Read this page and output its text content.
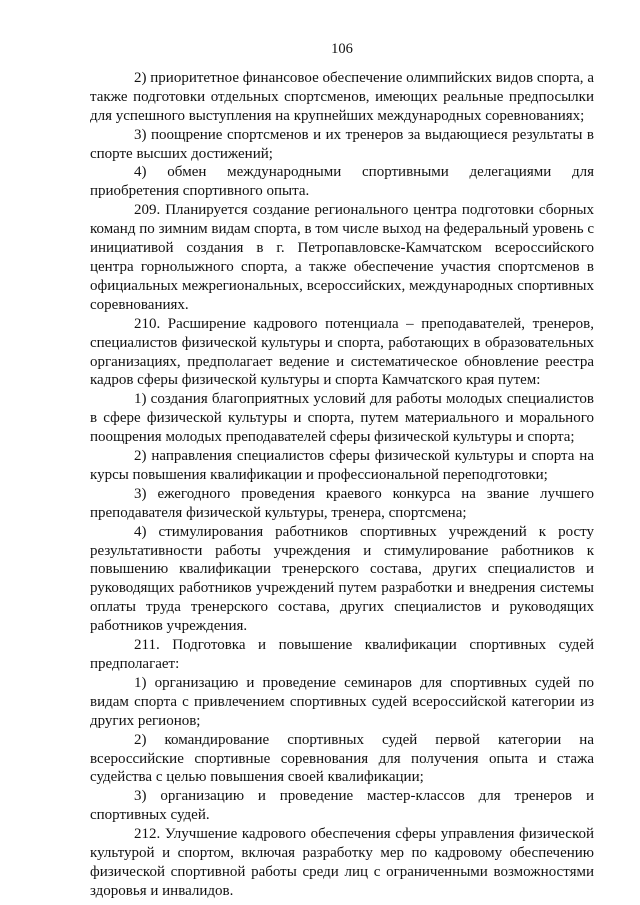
106

2) приоритетное финансовое обеспечение олимпийских видов спорта, а также подготовки отдельных спортсменов, имеющих реальные предпосылки для успешного выступления на крупнейших международных соревнованиях;

3) поощрение спортсменов и их тренеров за выдающиеся результаты в спорте высших достижений;

4) обмен международными спортивными делегациями для приобретения спортивного опыта.

209. Планируется создание регионального центра подготовки сборных команд по зимним видам спорта, в том числе выход на федеральный уровень с инициативой создания в г. Петропавловске-Камчатском всероссийского центра горнолыжного спорта, а также обеспечение участия спортсменов в официальных межрегиональных, всероссийских, международных спортивных соревнованиях.

210. Расширение кадрового потенциала – преподавателей, тренеров, специалистов физической культуры и спорта, работающих в образовательных организациях, предполагает ведение и систематическое обновление реестра кадров сферы физической культуры и спорта Камчатского края путем:

1) создания благоприятных условий для работы молодых специалистов в сфере физической культуры и спорта, путем материального и морального поощрения молодых преподавателей сферы физической культуры и спорта;

2) направления специалистов сферы физической культуры и спорта на курсы повышения квалификации и профессиональной переподготовки;

3) ежегодного проведения краевого конкурса на звание лучшего преподавателя физической культуры, тренера, спортсмена;

4) стимулирования работников спортивных учреждений к росту результативности работы учреждения и стимулирование работников к повышению квалификации тренерского состава, других специалистов и руководящих работников учреждений путем разработки и внедрения системы оплаты труда тренерского состава, других специалистов и руководящих работников учреждения.

211. Подготовка и повышение квалификации спортивных судей предполагает:

1) организацию и проведение семинаров для спортивных судей по видам спорта с привлечением спортивных судей всероссийской категории из других регионов;

2) командирование спортивных судей первой категории на всероссийские спортивные соревнования для получения опыта и стажа судейства с целью повышения своей квалификации;

3) организацию и проведение мастер-классов для тренеров и спортивных судей.

212. Улучшение кадрового обеспечения сферы управления физической культурой и спортом, включая разработку мер по кадровому обеспечению физической спортивной работы среди лиц с ограниченными возможностями здоровья и инвалидов.
